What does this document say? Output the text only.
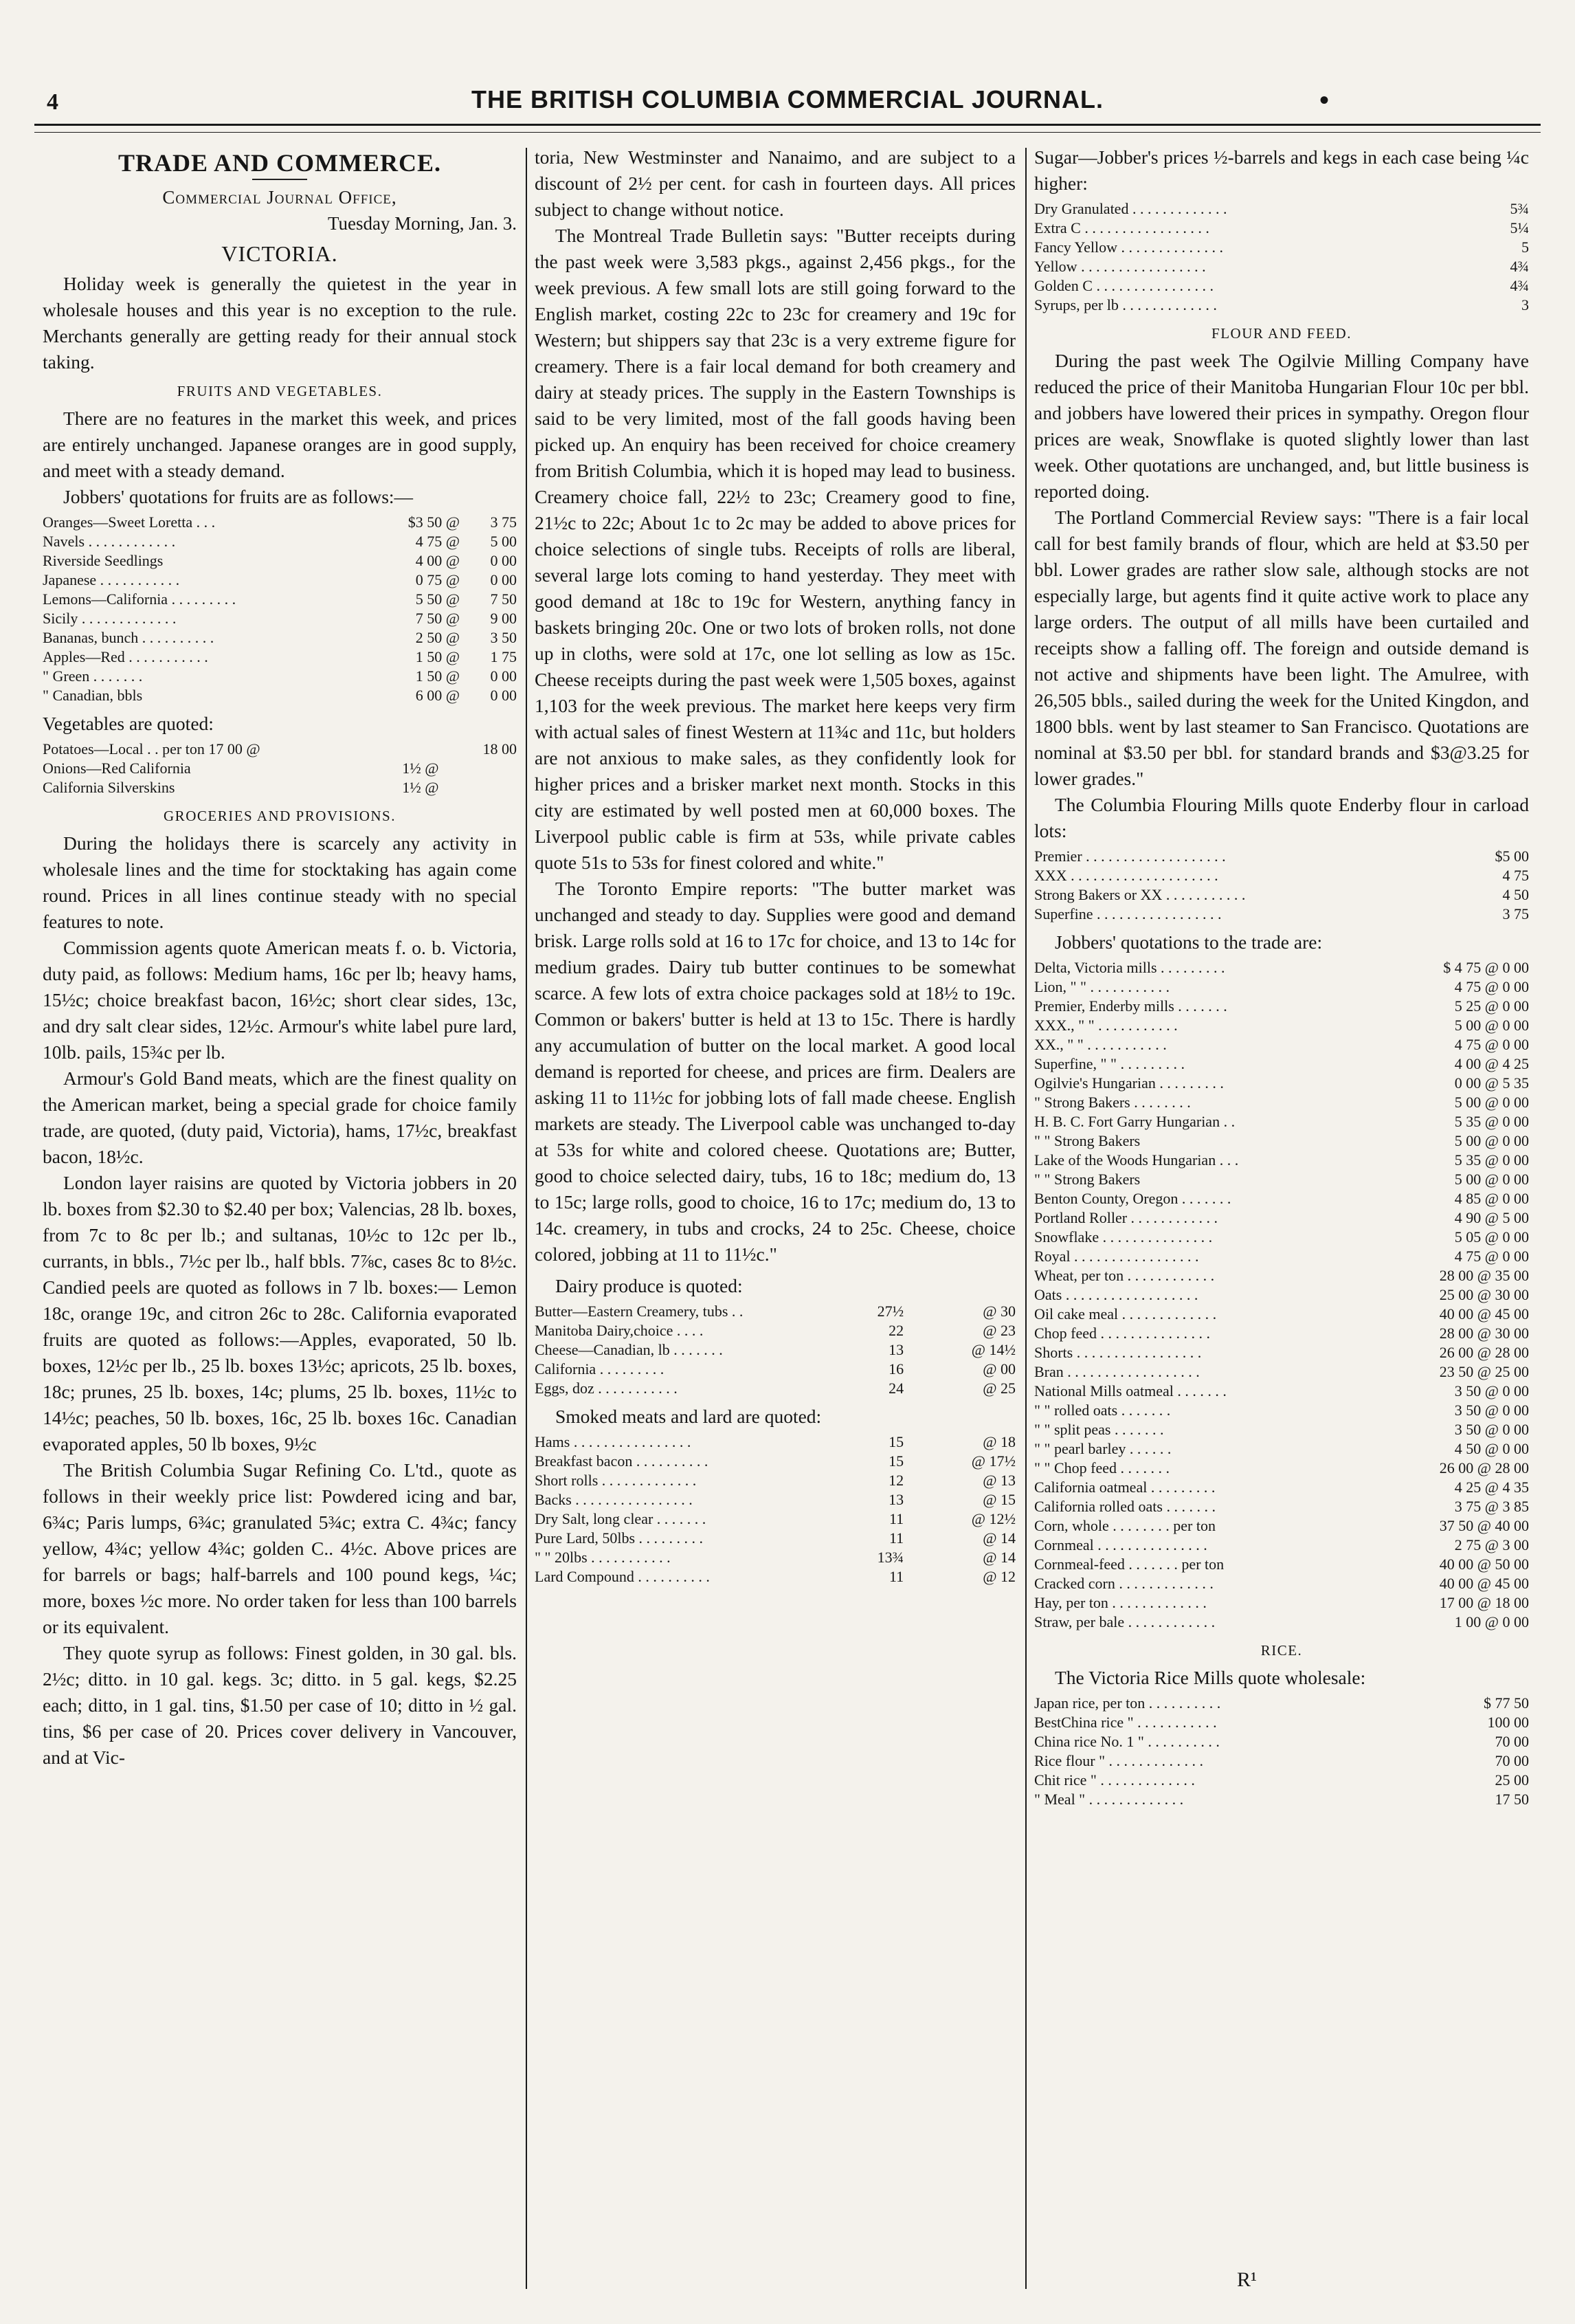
4	THE BRITISH COLUMBIA COMMERCIAL JOURNAL.	•

TRADE AND COMMERCE.

Commercial Journal Office,

Tuesday Morning, Jan. 3.

VICTORIA.

Holiday week is generally the quietest in the year in wholesale houses and this year is no exception to the rule. Merchants generally are getting ready for their annual stock taking.

FRUITS AND VEGETABLES.

There are no features in the market this week, and prices are entirely unchanged. Japanese oranges are in good supply, and meet with a steady demand.

Jobbers' quotations for fruits are as follows:—

Oranges—Sweet Loretta . . .	$3 50 @	3 75
Navels . . . . . . . . . . . .	4 75 @	5 00
Riverside Seedlings	4 00 @	0 00
Japanese . . . . . . . . . . .	0 75 @	0 00
Lemons—California . . . . . . . . .	5 50 @	7 50
Sicily . . . . . . . . . . . . .	7 50 @	9 00
Bananas, bunch . . . . . . . . . .	2 50 @	3 50
Apples—Red . . . . . . . . . . .	1 50 @	1 75
" Green . . . . . . .	1 50 @	0 00
" Canadian, bbls	6 00 @	0 00

Vegetables are quoted:

Potatoes—Local . . per ton 17 00 @		18 00
Onions—Red California	1½ @	
California Silverskins	1½ @	

GROCERIES AND PROVISIONS.

During the holidays there is scarcely any activity in wholesale lines and the time for stocktaking has again come round. Prices in all lines continue steady with no special features to note.

Commission agents quote American meats f. o. b. Victoria, duty paid, as follows: Medium hams, 16c per lb; heavy hams, 15½c; choice breakfast bacon, 16½c; short clear sides, 13c, and dry salt clear sides, 12½c. Armour's white label pure lard, 10lb. pails, 15¾c per lb.

Armour's Gold Band meats, which are the finest quality on the American market, being a special grade for choice family trade, are quoted, (duty paid, Victoria), hams, 17½c, breakfast bacon, 18½c.

London layer raisins are quoted by Victoria jobbers in 20 lb. boxes from $2.30 to $2.40 per box; Valencias, 28 lb. boxes, from 7c to 8c per lb.; and sultanas, 10½c to 12c per lb., currants, in bbls., 7½c per lb., half bbls. 7⅞c, cases 8c to 8½c. Candied peels are quoted as follows in 7 lb. boxes:— Lemon 18c, orange 19c, and citron 26c to 28c. California evaporated fruits are quoted as follows:—Apples, evaporated, 50 lb. boxes, 12½c per lb., 25 lb. boxes 13½c; apricots, 25 lb. boxes, 18c; prunes, 25 lb. boxes, 14c; plums, 25 lb. boxes, 11½c to 14½c; peaches, 50 lb. boxes, 16c, 25 lb. boxes 16c. Canadian evaporated apples, 50 lb boxes, 9½c

The British Columbia Sugar Refining Co. L'td., quote as follows in their weekly price list: Powdered icing and bar, 6¾c; Paris lumps, 6¾c; granulated 5¾c; extra C. 4¾c; fancy yellow, 4¾c; yellow 4¾c; golden C.. 4½c. Above prices are for barrels or bags; half-barrels and 100 pound kegs, ¼c; more, boxes ½c more. No order taken for less than 100 barrels or its equivalent.

They quote syrup as follows: Finest golden, in 30 gal. bls. 2½c; ditto. in 10 gal. kegs. 3c; ditto. in 5 gal. kegs, $2.25 each; ditto, in 1 gal. tins, $1.50 per case of 10; ditto in ½ gal. tins, $6 per case of 20. Prices cover delivery in Vancouver, and at Vic-

toria, New Westminster and Nanaimo, and are subject to a discount of 2½ per cent. for cash in fourteen days. All prices subject to change without notice.

The Montreal Trade Bulletin says: "Butter receipts during the past week were 3,583 pkgs., against 2,456 pkgs., for the week previous. A few small lots are still going forward to the English market, costing 22c to 23c for creamery and 19c for Western; but shippers say that 23c is a very extreme figure for creamery. There is a fair local demand for both creamery and dairy at steady prices. The supply in the Eastern Townships is said to be very limited, most of the fall goods having been picked up. An enquiry has been received for choice creamery from British Columbia, which it is hoped may lead to business. Creamery choice fall, 22½ to 23c; Creamery good to fine, 21½c to 22c; About 1c to 2c may be added to above prices for choice selections of single tubs. Receipts of rolls are liberal, several large lots coming to hand yesterday. They meet with good demand at 18c to 19c for Western, anything fancy in baskets bringing 20c. One or two lots of broken rolls, not done up in cloths, were sold at 17c, one lot selling as low as 15c. Cheese receipts during the past week were 1,505 boxes, against 1,103 for the week previous. The market here keeps very firm with actual sales of finest Western at 11¾c and 11c, but holders are not anxious to make sales, as they confidently look for higher prices and a brisker market next month. Stocks in this city are estimated by well posted men at 60,000 boxes. The Liverpool public cable is firm at 53s, while private cables quote 51s to 53s for finest colored and white."

The Toronto Empire reports: "The butter market was unchanged and steady to day. Supplies were good and demand brisk. Large rolls sold at 16 to 17c for choice, and 13 to 14c for medium grades. Dairy tub butter continues to be somewhat scarce. A few lots of extra choice packages sold at 18½ to 19c. Common or bakers' butter is held at 13 to 15c. There is hardly any accumulation of butter on the local market. A good local demand is reported for cheese, and prices are firm. Dealers are asking 11 to 11½c for jobbing lots of fall made cheese. English markets are steady. The Liverpool cable was unchanged to-day at 53s for white and colored cheese. Quotations are; Butter, good to choice selected dairy, tubs, 16 to 18c; medium do, 13 to 15c; large rolls, good to choice, 16 to 17c; medium do, 13 to 14c. creamery, in tubs and crocks, 24 to 25c. Cheese, choice colored, jobbing at 11 to 11½c."

Dairy produce is quoted:

Butter—Eastern Creamery, tubs . .	27½	@ 30
Manitoba Dairy,choice . . . .	22	@ 23
Cheese—Canadian, lb . . . . . . .	13	@ 14½
California . . . . . . . . .	16	@ 00
Eggs, doz . . . . . . . . . . .	24	@ 25

Smoked meats and lard are quoted:

Hams . . . . . . . . . . . . . . . .	15	@ 18
Breakfast bacon . . . . . . . . . .	15	@ 17½
Short rolls . . . . . . . . . . . . .	12	@ 13
Backs . . . . . . . . . . . . . . . .	13	@ 15
Dry Salt, long clear . . . . . . .	11	@ 12½
Pure Lard, 50lbs . . . . . . . . .	11	@ 14
" " 20lbs . . . . . . . . . . .	13¾	@ 14
Lard Compound . . . . . . . . . .	11	@ 12

Sugar—Jobber's prices ½-barrels and kegs in each case being ¼c higher:

Dry Granulated . . . . . . . . . . . . .	5¾
Extra C . . . . . . . . . . . . . . . . .	5¼
Fancy Yellow . . . . . . . . . . . . . .	5
Yellow . . . . . . . . . . . . . . . . .	4¾
Golden C . . . . . . . . . . . . . . . .	4¾
Syrups, per lb . . . . . . . . . . . . .	3

FLOUR AND FEED.

During the past week The Ogilvie Milling Company have reduced the price of their Manitoba Hungarian Flour 10c per bbl. and jobbers have lowered their prices in sympathy. Oregon flour prices are weak, Snowflake is quoted slightly lower than last week. Other quotations are unchanged, and, but little business is reported doing.

The Portland Commercial Review says: "There is a fair local call for best family brands of flour, which are held at $3.50 per bbl. Lower grades are rather slow sale, although stocks are not especially large, but agents find it quite active work to place any large orders. The output of all mills have been curtailed and receipts show a falling off. The foreign and outside demand is not active and shipments have been light. The Amulree, with 26,505 bbls., sailed during the week for the United Kingdon, and 1800 bbls. went by last steamer to San Francisco. Quotations are nominal at $3.50 per bbl. for standard brands and $3@3.25 for lower grades."

The Columbia Flouring Mills quote Enderby flour in carload lots:

Premier . . . . . . . . . . . . . . . . . . .	$5 00
XXX . . . . . . . . . . . . . . . . . . . .	4 75
Strong Bakers or XX . . . . . . . . . . .	4 50
Superfine . . . . . . . . . . . . . . . . .	3 75

Jobbers' quotations to the trade are:

Delta, Victoria mills . . . . . . . . .	$ 4 75 @ 0 00
Lion, " " . . . . . . . . . . .	4 75 @ 0 00
Premier, Enderby mills . . . . . . .	5 25 @ 0 00
XXX., " " . . . . . . . . . . .	5 00 @ 0 00
XX., " " . . . . . . . . . . .	4 75 @ 0 00
Superfine, " " . . . . . . . . .	4 00 @ 4 25
Ogilvie's Hungarian . . . . . . . . .	0 00 @ 5 35
" Strong Bakers . . . . . . . .	5 00 @ 0 00
H. B. C. Fort Garry Hungarian . .	5 35 @ 0 00
" " Strong Bakers	5 00 @ 0 00
Lake of the Woods Hungarian . . .	5 35 @ 0 00
" " Strong Bakers	5 00 @ 0 00
Benton County, Oregon . . . . . . .	4 85 @ 0 00
Portland Roller . . . . . . . . . . . .	4 90 @ 5 00
Snowflake . . . . . . . . . . . . . . .	5 05 @ 0 00
Royal . . . . . . . . . . . . . . . . .	4 75 @ 0 00
Wheat, per ton . . . . . . . . . . . .	28 00 @ 35 00
Oats . . . . . . . . . . . . . . . . . .	25 00 @ 30 00
Oil cake meal . . . . . . . . . . . . .	40 00 @ 45 00
Chop feed . . . . . . . . . . . . . . .	28 00 @ 30 00
Shorts . . . . . . . . . . . . . . . . .	26 00 @ 28 00
Bran . . . . . . . . . . . . . . . . . .	23 50 @ 25 00
National Mills oatmeal . . . . . . .	3 50 @ 0 00
" " rolled oats . . . . . . .	3 50 @ 0 00
" " split peas . . . . . . .	3 50 @ 0 00
" " pearl barley . . . . . .	4 50 @ 0 00
" " Chop feed . . . . . . .	26 00 @ 28 00
California oatmeal . . . . . . . . .	4 25 @ 4 35
California rolled oats . . . . . . .	3 75 @ 3 85
Corn, whole . . . . . . . . per ton	37 50 @ 40 00
Cornmeal . . . . . . . . . . . . . . .	2 75 @ 3 00
Cornmeal-feed . . . . . . . per ton	40 00 @ 50 00
Cracked corn . . . . . . . . . . . . .	40 00 @ 45 00
Hay, per ton . . . . . . . . . . . . .	17 00 @ 18 00
Straw, per bale . . . . . . . . . . . .	1 00 @ 0 00

RICE.

The Victoria Rice Mills quote wholesale:

Japan rice, per ton . . . . . . . . . .	$ 77 50
BestChina rice " . . . . . . . . . . .	100 00
China rice No. 1 " . . . . . . . . . .	70 00
Rice flour " . . . . . . . . . . . . .	70 00
Chit rice " . . . . . . . . . . . . .	25 00
" Meal " . . . . . . . . . . . . .	17 50
R¹
